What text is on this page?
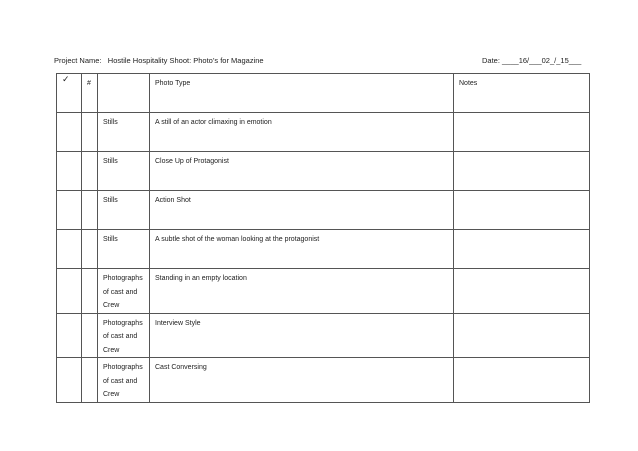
Project Name: Hostile Hospitality Shoot: Photo’s for Magazine	Date: ____16/___02_/_15___
✓	#		Photo Type	Notes

		Stills	A still of an actor climaxing in emotion	

		Stills	Close Up of Protagonist	

		Stills	Action Shot	

		Stills	A subtle shot of the woman looking at the protagonist	

		Photographs of cast and Crew	Standing in an empty location	

		Photographs of cast and Crew	Interview Style	

		Photographs of cast and Crew	Cast Conversing	
